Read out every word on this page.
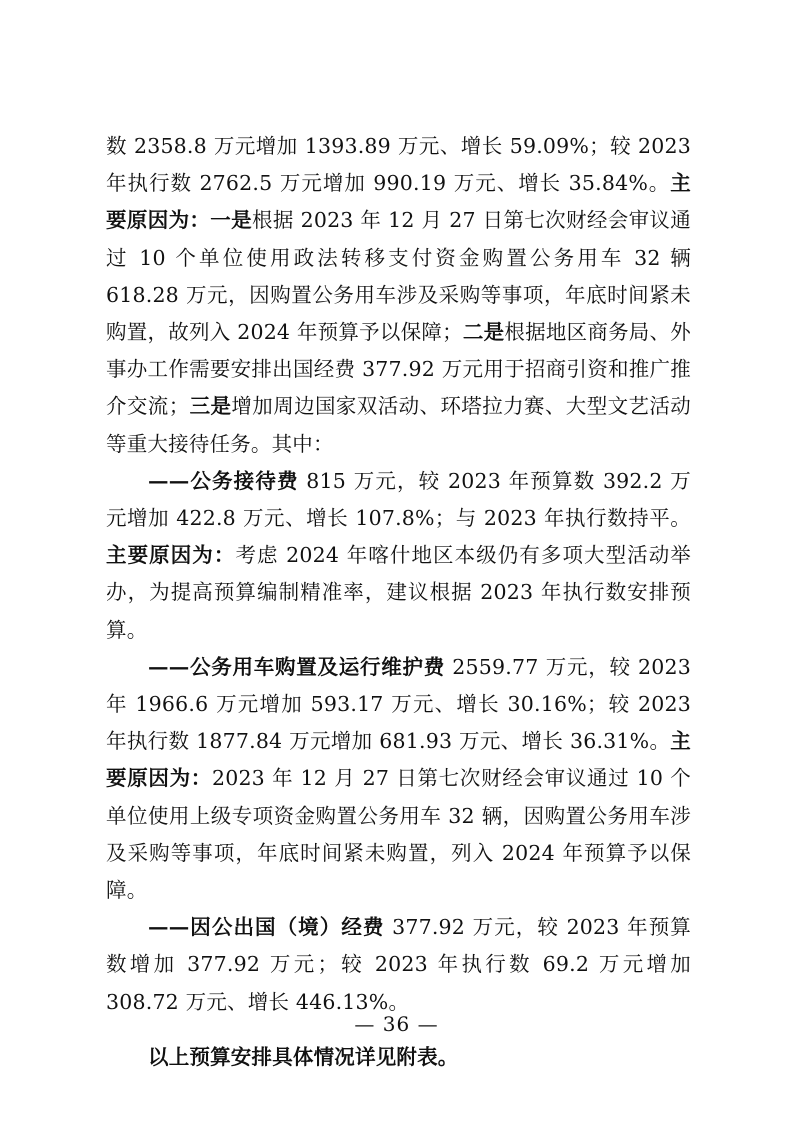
数 2358.8 万元增加 1393.89 万元、增长 59.09%；较 2023 年执行数 2762.5 万元增加 990.19 万元、增长 35.84%。主要原因为：一是根据 2023 年 12 月 27 日第七次财经会审议通过 10 个单位使用政法转移支付资金购置公务用车 32 辆 618.28 万元，因购置公务用车涉及采购等事项，年底时间紧未购置，故列入 2024 年预算予以保障；二是根据地区商务局、外事办工作需要安排出国经费 377.92 万元用于招商引资和推广推介交流；三是增加周边国家双活动、环塔拉力赛、大型文艺活动等重大接待任务。其中：

——公务接待费 815 万元，较 2023 年预算数 392.2 万元增加 422.8 万元、增长 107.8%；与 2023 年执行数持平。主要原因为：考虑 2024 年喀什地区本级仍有多项大型活动举办，为提高预算编制精准率，建议根据 2023 年执行数安排预算。

——公务用车购置及运行维护费 2559.77 万元，较 2023 年 1966.6 万元增加 593.17 万元、增长 30.16%；较 2023 年执行数 1877.84 万元增加 681.93 万元、增长 36.31%。主要原因为：2023 年 12 月 27 日第七次财经会审议通过 10 个单位使用上级专项资金购置公务用车 32 辆，因购置公务用车涉及采购等事项，年底时间紧未购置，列入 2024 年预算予以保障。

——因公出国（境）经费 377.92 万元，较 2023 年预算数增加 377.92 万元；较 2023 年执行数 69.2 万元增加 308.72 万元、增长 446.13%。

以上预算安排具体情况详见附表。

— 36 —
